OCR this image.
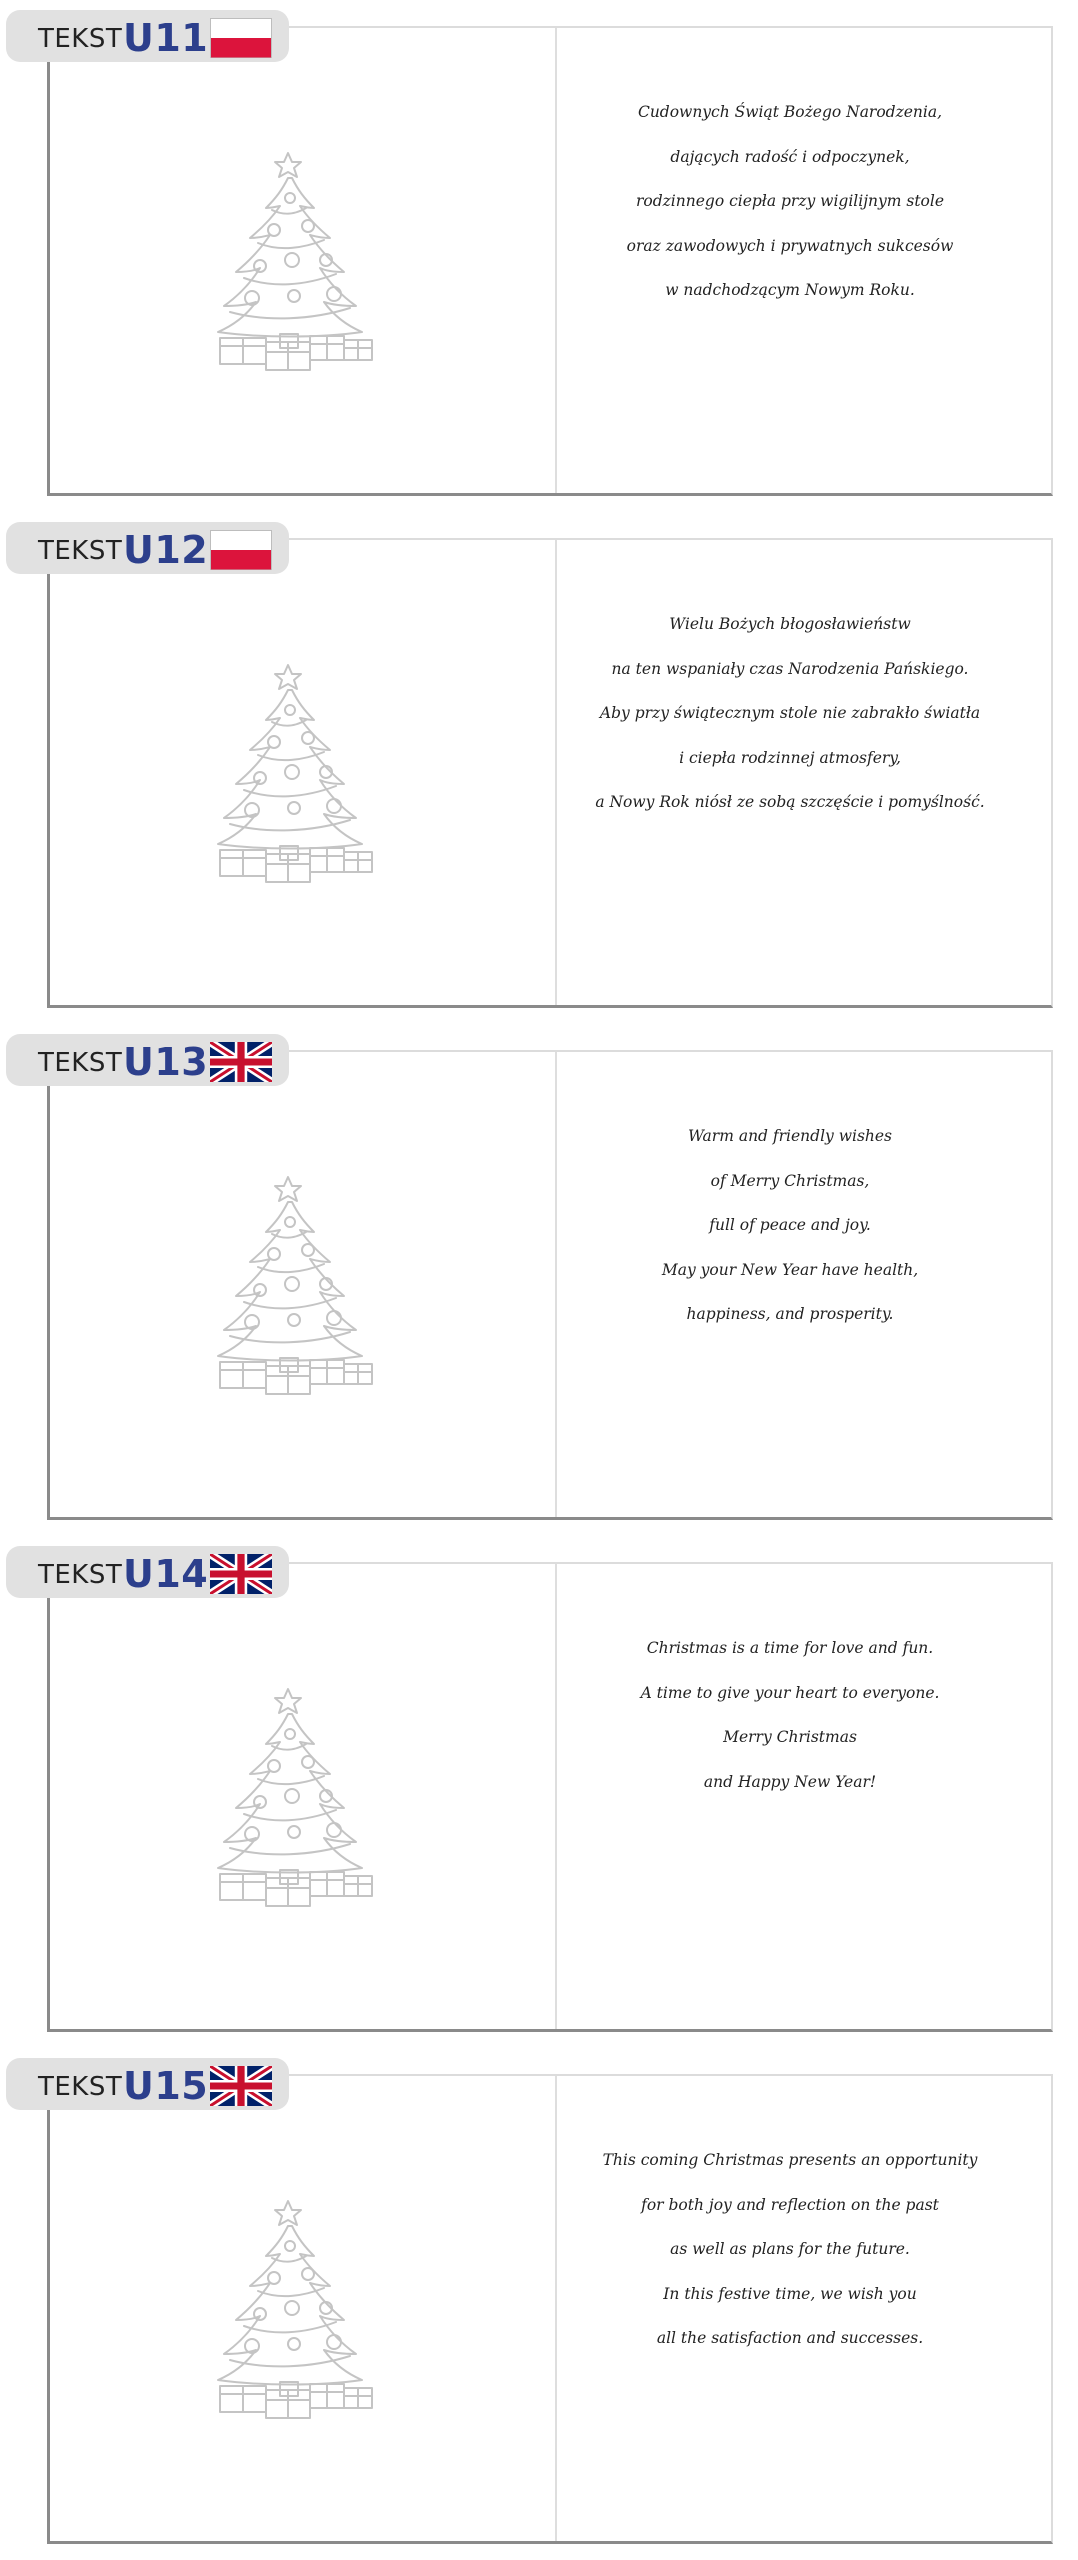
Cudownych Świąt Bożego Narodzenia,
dających radość i odpoczynek,
rodzinnego ciepła przy wigilijnym stole
oraz zawodowych i prywatnych sukcesów
w nadchodzącym Nowym Roku.
TEKST U11
Wielu Bożych błogosławieństw
na ten wspaniały czas Narodzenia Pańskiego.
Aby przy świątecznym stole nie zabrakło światła
i ciepła rodzinnej atmosfery,
a Nowy Rok niósł ze sobą szczęście i pomyślność.
TEKST U12
Warm and friendly wishes
of Merry Christmas,
full of peace and joy.
May your New Year have health,
happiness, and prosperity.
TEKST U13
Christmas is a time for love and fun.
A time to give your heart to everyone.
Merry Christmas
and Happy New Year!
TEKST U14
This coming Christmas presents an opportunity
for both joy and reflection on the past
as well as plans for the future.
In this festive time, we wish you
all the satisfaction and successes.
TEKST U15
